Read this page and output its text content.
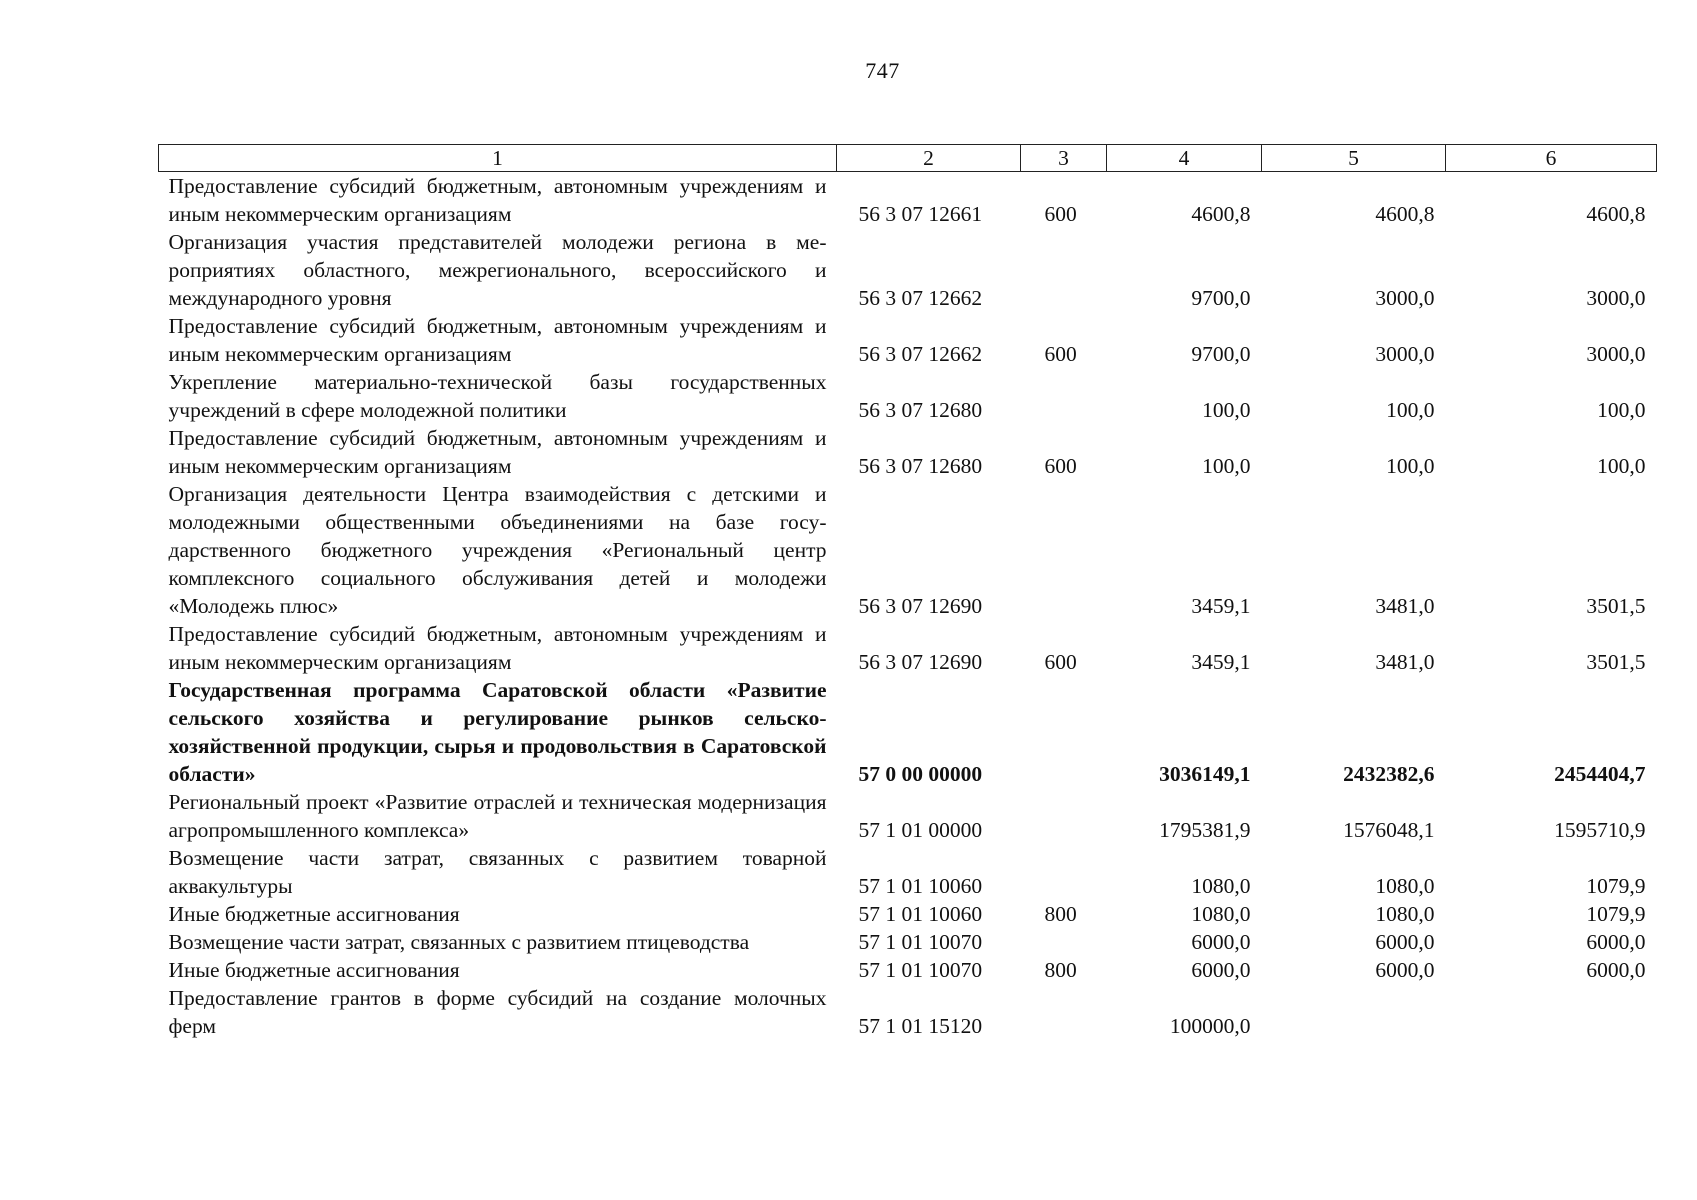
747
1	2	3	4	5	6
Предоставление субсидий бюджетным, автономным учреждениям и иным некоммерческим организациям	56 3 07 12661	600	4600,8	4600,8	4600,8
Организация участия представителей молодежи региона в мероприятиях областного, межрегионального, всероссийского и международного уровня	56 3 07 12662		9700,0	3000,0	3000,0
Предоставление субсидий бюджетным, автономным учреждениям и иным некоммерческим организациям	56 3 07 12662	600	9700,0	3000,0	3000,0
Укрепление материально-технической базы государственных учреждений в сфере молодежной политики	56 3 07 12680		100,0	100,0	100,0
Предоставление субсидий бюджетным, автономным учреждениям и иным некоммерческим организациям	56 3 07 12680	600	100,0	100,0	100,0
Организация деятельности Центра взаимодействия с детскими и молодежными общественными объединениями на базе государственного бюджетного учреждения «Региональный центр комплексного социального обслуживания детей и молодежи «Молодежь плюс»	56 3 07 12690		3459,1	3481,0	3501,5
Предоставление субсидий бюджетным, автономным учреждениям и иным некоммерческим организациям	56 3 07 12690	600	3459,1	3481,0	3501,5
Государственная программа Саратовской области «Развитие сельского хозяйства и регулирование рынков сельскохозяйственной продукции, сырья и продовольствия в Саратовской области»	57 0 00 00000		3036149,1	2432382,6	2454404,7
Региональный проект «Развитие отраслей и техническая модернизация агропромышленного комплекса»	57 1 01 00000		1795381,9	1576048,1	1595710,9
Возмещение части затрат, связанных с развитием товарной аквакультуры	57 1 01 10060		1080,0	1080,0	1079,9
Иные бюджетные ассигнования	57 1 01 10060	800	1080,0	1080,0	1079,9
Возмещение части затрат, связанных с развитием птицеводства	57 1 01 10070		6000,0	6000,0	6000,0
Иные бюджетные ассигнования	57 1 01 10070	800	6000,0	6000,0	6000,0
Предоставление грантов в форме субсидий на создание молочных ферм	57 1 01 15120		100000,0		
